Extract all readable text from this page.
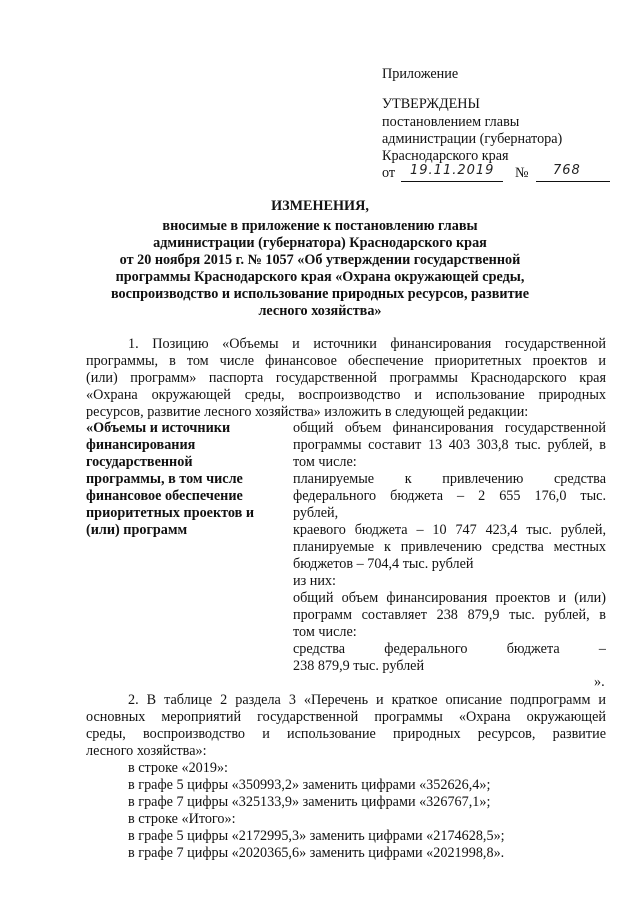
Приложение
УТВЕРЖДЕНЫ
постановлением главы
администрации (губернатора)
Краснодарского края
от 19.11.2019 № 768
ИЗМЕНЕНИЯ,
вносимые в приложение к постановлению главы
администрации (губернатора) Краснодарского края
от 20 ноября 2015 г. № 1057 «Об утверждении государственной
программы Краснодарского края «Охрана окружающей среды,
воспроизводство и использование природных ресурсов, развитие
лесного хозяйства»
1. Позицию «Объемы и источники финансирования государственной
программы, в том числе финансовое обеспечение приоритетных проектов и
(или) программ» паспорта государственной программы Краснодарского края
«Охрана окружающей среды, воспроизводство и использование природных
ресурсов, развитие лесного хозяйства» изложить в следующей редакции:
«Объемы и источники
финансирования
государственной
программы, в том числе
финансовое обеспечение
приоритетных проектов и
(или) программ
общий объем финансирования государственной
программы составит 13 403 303,8 тыс. рублей, в
том числе:
планируемые к привлечению средства
федерального бюджета – 2 655 176,0 тыс.
рублей,
краевого бюджета – 10 747 423,4 тыс. рублей,
планируемые к привлечению средства местных
бюджетов – 704,4 тыс. рублей
из них:
общий объем финансирования проектов и (или)
программ составляет 238 879,9 тыс. рублей, в
том числе:
средства федерального бюджета –
238 879,9 тыс. рублей
».
2. В таблице 2 раздела 3 «Перечень и краткое описание подпрограмм и
основных мероприятий государственной программы «Охрана окружающей
среды, воспроизводство и использование природных ресурсов, развитие
лесного хозяйства»:
в строке «2019»:
в графе 5 цифры «350993,2» заменить цифрами «352626,4»;
в графе 7 цифры «325133,9» заменить цифрами «326767,1»;
в строке «Итого»:
в графе 5 цифры «2172995,3» заменить цифрами «2174628,5»;
в графе 7 цифры «2020365,6» заменить цифрами «2021998,8».
